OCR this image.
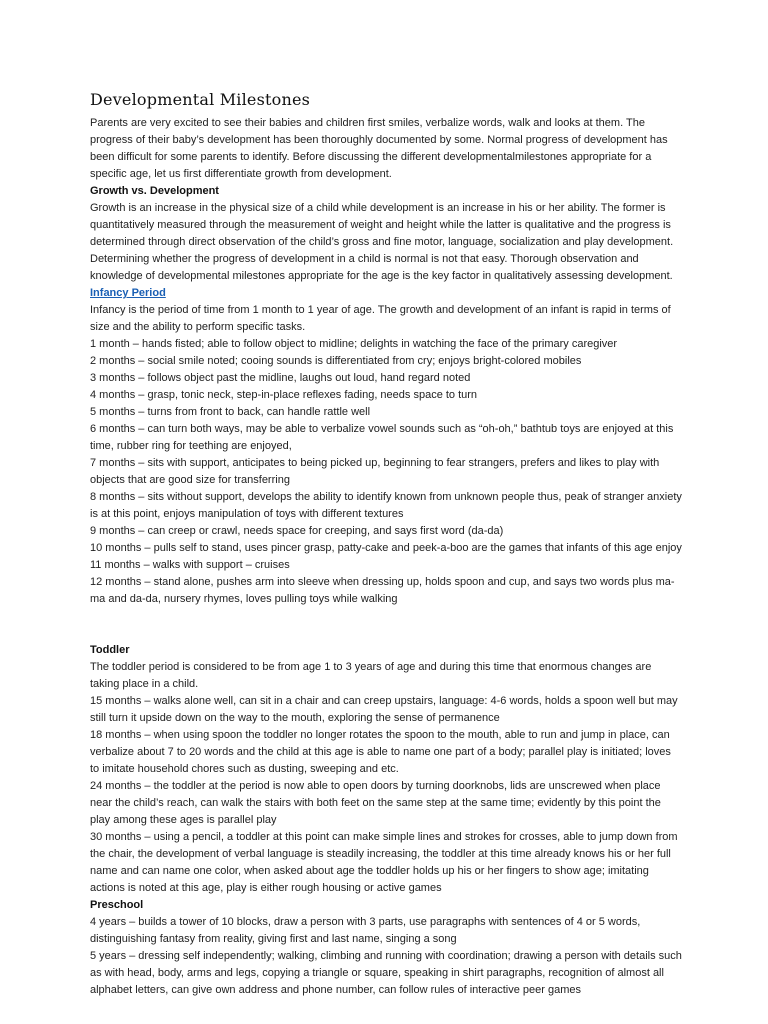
Developmental Milestones

Parents are very excited to see their babies and children first smiles, verbalize words, walk and looks at them. The progress of their baby’s development has been thoroughly documented by some. Normal progress of development has been difficult for some parents to identify. Before discussing the different developmentalmilestones appropriate for a specific age, let us first differentiate growth from development.

Growth vs. Development

Growth is an increase in the physical size of a child while development is an increase in his or her ability. The former is quantitatively measured through the measurement of weight and height while the latter is qualitative and the progress is determined through direct observation of the child’s gross and fine motor, language, socialization and play development. Determining whether the progress of development in a child is normal is not that easy. Thorough observation and knowledge of developmental milestones appropriate for the age is the key factor in qualitatively assessing development.

Infancy Period

Infancy is the period of time from 1 month to 1 year of age. The growth and development of an infant is rapid in terms of size and the ability to perform specific tasks.

1 month – hands fisted; able to follow object to midline; delights in watching the face of the primary caregiver

2 months – social smile noted; cooing sounds is differentiated from cry; enjoys bright-colored mobiles

3 months – follows object past the midline, laughs out loud, hand regard noted

4 months – grasp, tonic neck, step-in-place reflexes fading, needs space to turn

5 months – turns from front to back, can handle rattle well

6 months – can turn both ways, may be able to verbalize vowel sounds such as “oh-oh,” bathtub toys are enjoyed at this time, rubber ring for teething are enjoyed,

7 months – sits with support, anticipates to being picked up, beginning to fear strangers, prefers and likes to play with objects that are good size for transferring

8 months – sits without support, develops the ability to identify known from unknown people thus, peak of stranger anxiety is at this point, enjoys manipulation of toys with different textures

9 months – can creep or crawl, needs space for creeping, and says first word (da-da)

10 months – pulls self to stand, uses pincer grasp, patty-cake and peek-a-boo are the games that infants of this age enjoy

11 months – walks with support – cruises

12 months – stand alone, pushes arm into sleeve when dressing up, holds spoon and cup, and says two words plus ma-ma and da-da, nursery rhymes, loves pulling toys while walking

Toddler

The toddler period is considered to be from age 1 to 3 years of age and during this time that enormous changes are taking place in a child.

15 months – walks alone well, can sit in a chair and can creep upstairs, language: 4-6 words, holds a spoon well but may still turn it upside down on the way to the mouth, exploring the sense of permanence

18 months – when using spoon the toddler no longer rotates the spoon to the mouth, able to run and jump in place, can verbalize about 7 to 20 words and the child at this age is able to name one part of a body; parallel play is initiated; loves to imitate household chores such as dusting, sweeping and etc.

24 months – the toddler at the period is now able to open doors by turning doorknobs, lids are unscrewed when place near the child’s reach, can walk the stairs with both feet on the same step at the same time; evidently by this point the play among these ages is parallel play

30 months – using a pencil, a toddler at this point can make simple lines and strokes for crosses, able to jump down from the chair, the development of verbal language is steadily increasing, the toddler at this time already knows his or her full name and can name one color, when asked about age the toddler holds up his or her fingers to show age; imitating actions is noted at this age, play is either rough housing or active games

Preschool

4 years – builds a tower of 10 blocks, draw a person with 3 parts, use paragraphs with sentences of 4 or 5 words, distinguishing fantasy from reality, giving first and last name, singing a song

5 years – dressing self independently; walking, climbing and running with coordination; drawing a person with details such as with head, body, arms and legs, copying a triangle or square, speaking in shirt paragraphs, recognition of almost all alphabet letters, can give own address and phone number, can follow rules of interactive peer games
